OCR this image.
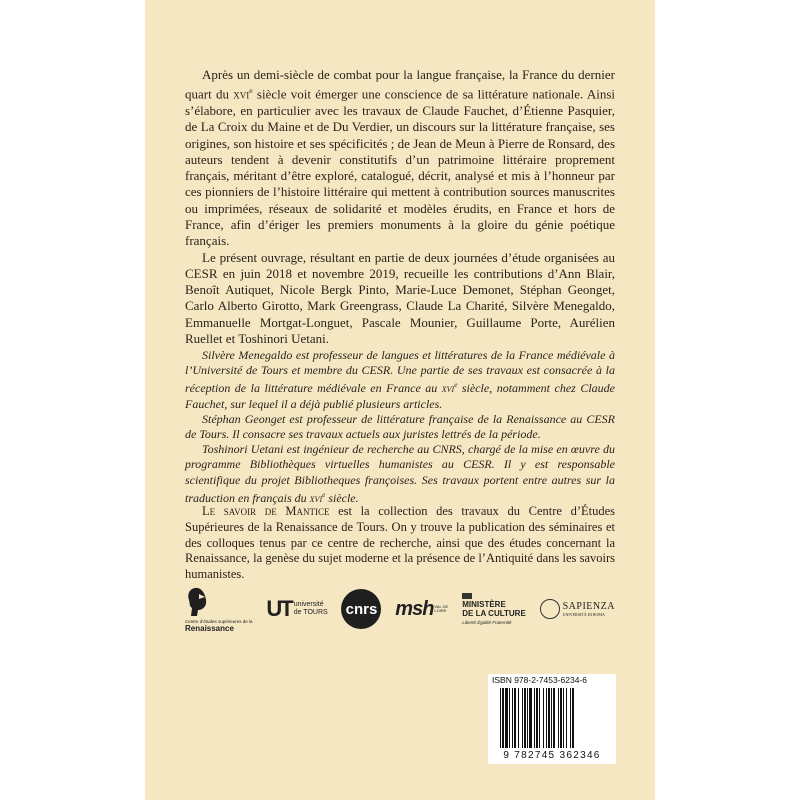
Après un demi-siècle de combat pour la langue française, la France du dernier quart du xvi$^e$ siècle voit émerger une conscience de sa littérature nationale. Ainsi s’élabore, en particulier avec les travaux de Claude Fauchet, d’Étienne Pasquier, de La Croix du Maine et de Du Verdier, un discours sur la littérature française, ses origines, son histoire et ses spécificités ; de Jean de Meun à Pierre de Ronsard, des auteurs tendent à devenir constitutifs d’un patrimoine littéraire proprement français, méritant d’être exploré, catalogué, décrit, analysé et mis à l’honneur par ces pionniers de l’histoire littéraire qui mettent à contribution sources manuscrites ou imprimées, réseaux de solidarité et modèles érudits, en France et hors de France, afin d’ériger les premiers monuments à la gloire du génie poétique français.

Le présent ouvrage, résultant en partie de deux journées d’étude organisées au CESR en juin 2018 et novembre 2019, recueille les contributions d’Ann Blair, Benoît Autiquet, Nicole Bergk Pinto, Marie-Luce Demonet, Stéphan Geonget, Carlo Alberto Girotto, Mark Greengrass, Claude La Charité, Silvère Menegaldo, Emmanuelle Mortgat-Longuet, Pascale Mounier, Guillaume Porte, Aurélien Ruellet et Toshinori Uetani.

Silvère Menegaldo est professeur de langues et littératures de la France médiévale à l’Université de Tours et membre du CESR. Une partie de ses travaux est consacrée à la réception de la littérature médiévale en France au xvi$^e$ siècle, notamment chez Claude Fauchet, sur lequel il a déjà publié plusieurs articles.

Stéphan Geonget est professeur de littérature française de la Renaissance au CESR de Tours. Il consacre ses travaux actuels aux juristes lettrés de la période.

Toshinori Uetani est ingénieur de recherche au CNRS, chargé de la mise en œuvre du programme Bibliothèques virtuelles humanistes au CESR. Il y est responsable scientifique du projet Bibliotheques françoises. Ses travaux portent entre autres sur la traduction en français du xvi$^e$ siècle.

Le savoir de Mantice est la collection des travaux du Centre d’Études Supérieures de la Renaissance de Tours. On y trouve la publication des séminaires et des colloques tenus par ce centre de recherche, ainsi que des études concernant la Renaissance, la genèse du sujet moderne et la présence de l’Antiquité dans les savoirs humanistes.

Centre d’études supérieures de la
Renaissance
UT université
de TOURS cnrs msh VAL DE LOIRE
MINISTÈRE
DE LA CULTURE
Liberté Égalité Fraternité
SAPIENZA
UNIVERSITÀ DI ROMA
ISBN 978-2-7453-6234-6
9 782745 362346
